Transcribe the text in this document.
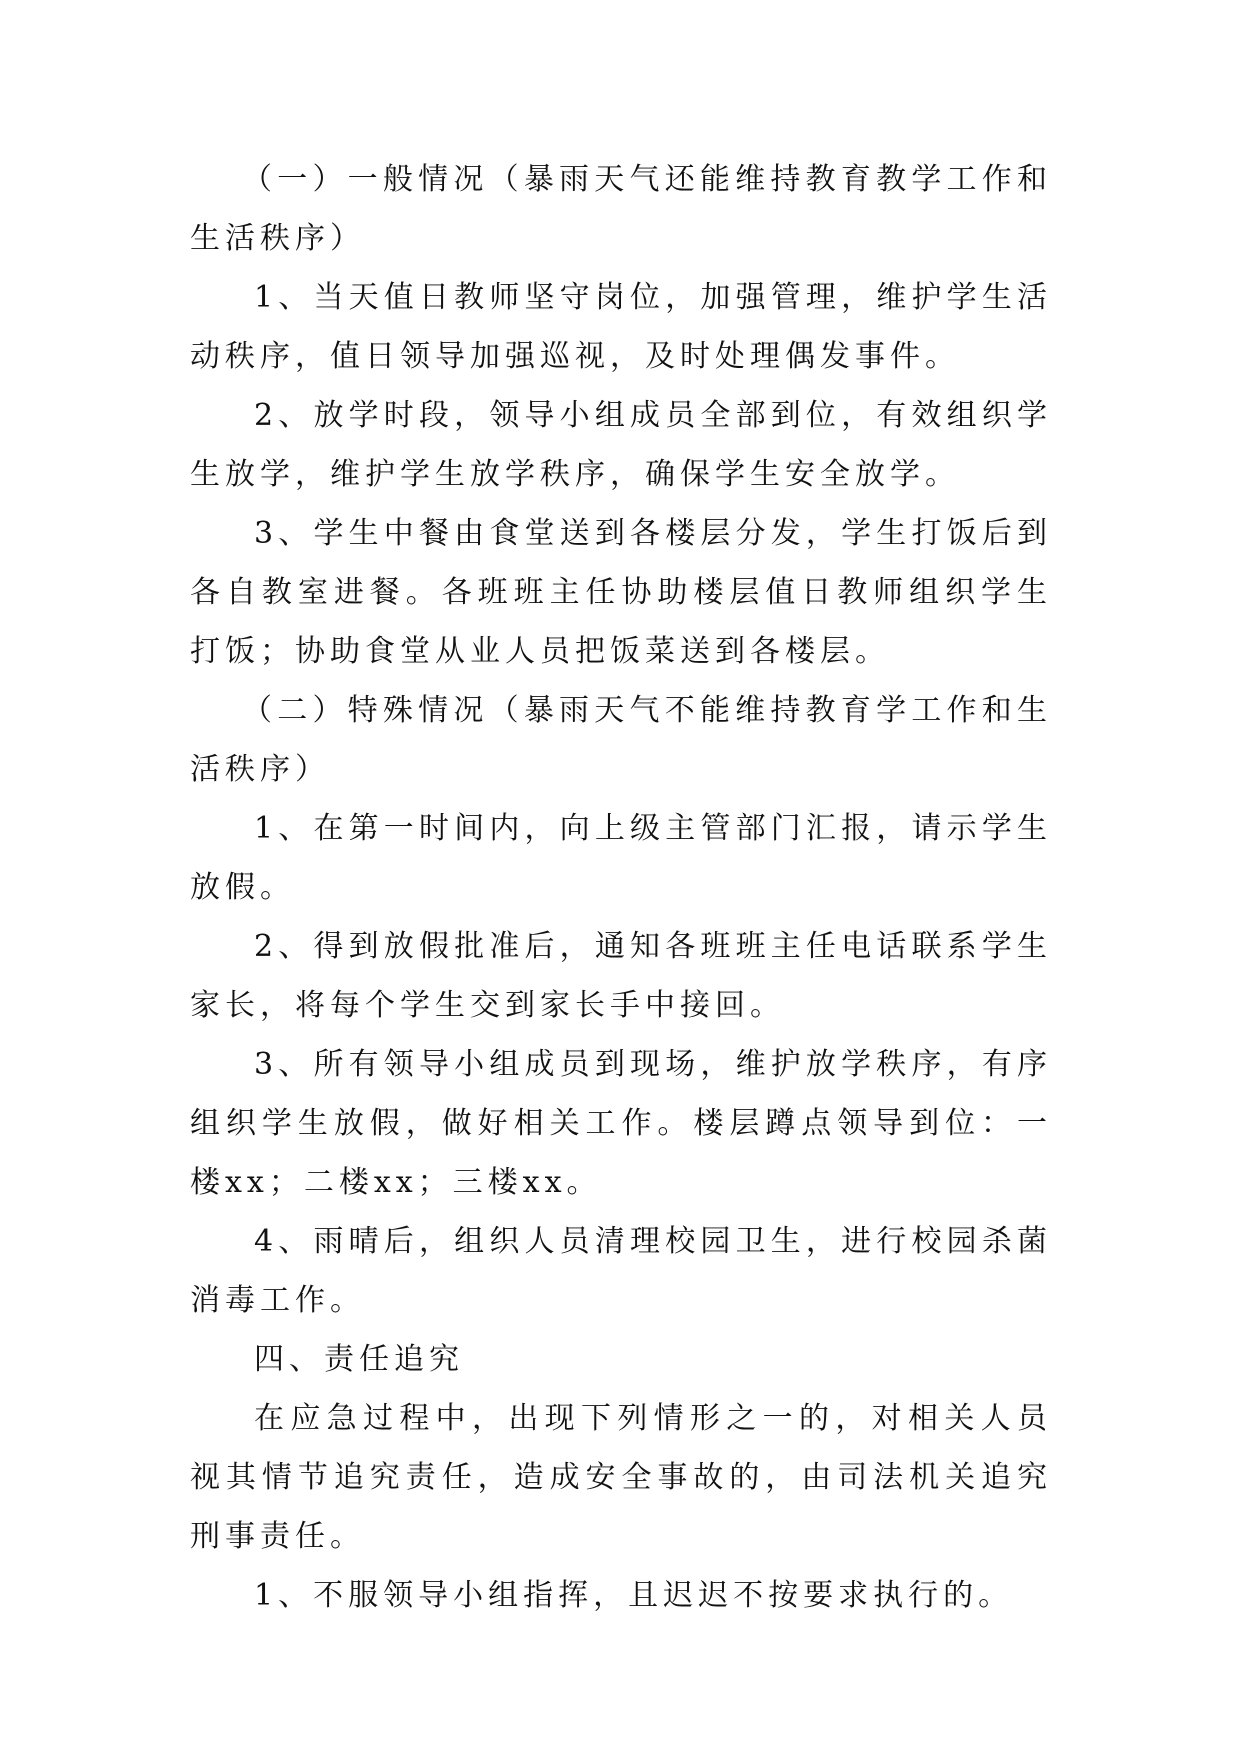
（一）一般情况（暴雨天气还能维持教育教学工作和生活秩序）

1、当天值日教师坚守岗位，加强管理，维护学生活动秩序，值日领导加强巡视，及时处理偶发事件。

2、放学时段，领导小组成员全部到位，有效组织学生放学，维护学生放学秩序，确保学生安全放学。

3、学生中餐由食堂送到各楼层分发，学生打饭后到各自教室进餐。各班班主任协助楼层值日教师组织学生打饭；协助食堂从业人员把饭菜送到各楼层。

（二）特殊情况（暴雨天气不能维持教育学工作和生活秩序）

1、在第一时间内，向上级主管部门汇报，请示学生放假。

2、得到放假批准后，通知各班班主任电话联系学生家长，将每个学生交到家长手中接回。

3、所有领导小组成员到现场，维护放学秩序，有序组织学生放假，做好相关工作。楼层蹲点领导到位：一楼xx；二楼xx；三楼xx。

4、雨晴后，组织人员清理校园卫生，进行校园杀菌消毒工作。

四、责任追究

在应急过程中，出现下列情形之一的，对相关人员视其情节追究责任，造成安全事故的，由司法机关追究刑事责任。

1、不服领导小组指挥，且迟迟不按要求执行的。
